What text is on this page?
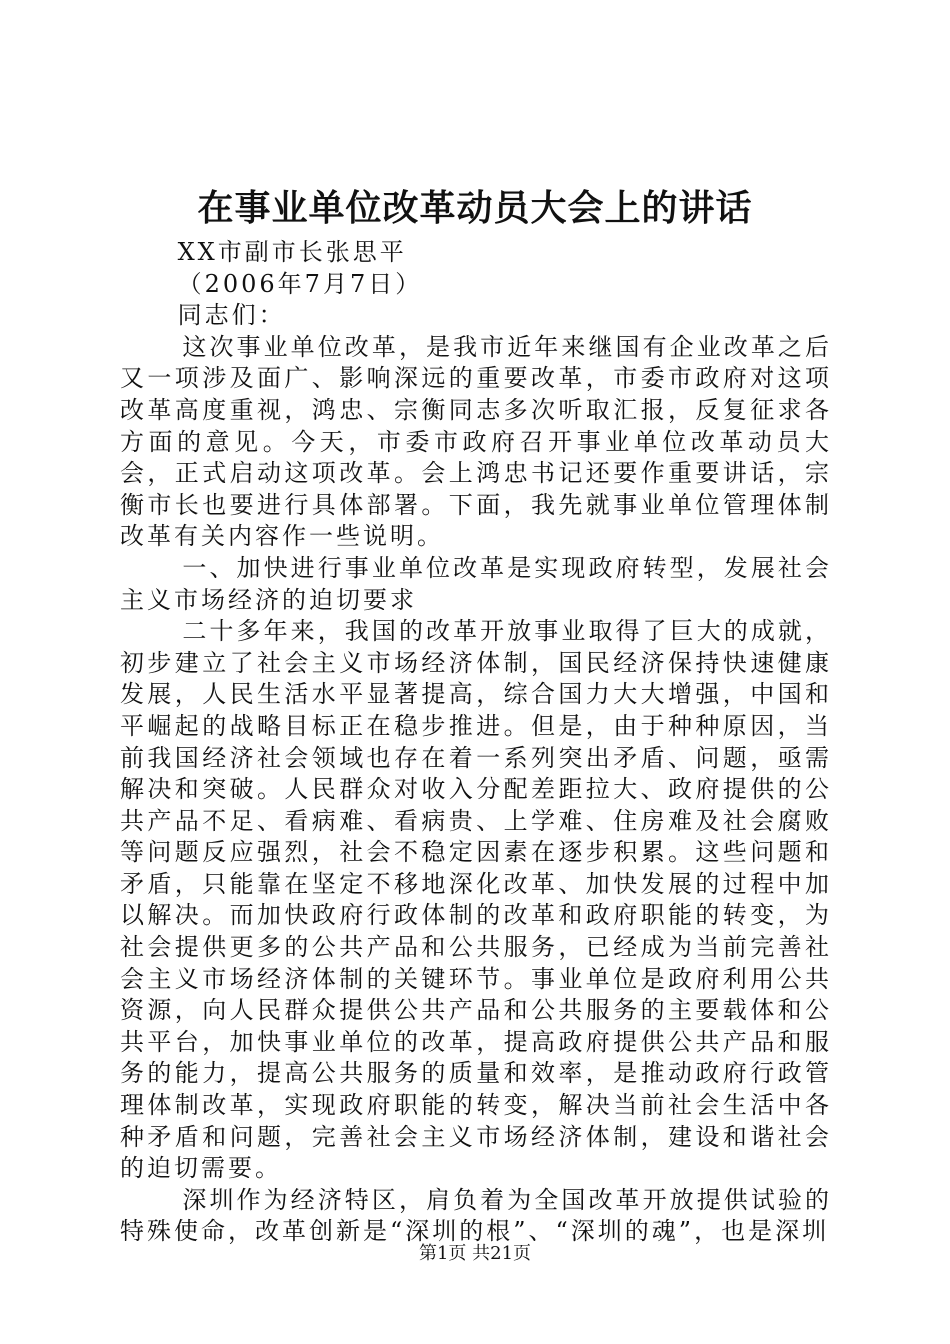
在事业单位改革动员大会上的讲话

XX市副市长张思平

（2006年7月7日）

同志们：

这次事业单位改革，是我市近年来继国有企业改革之后又一项涉及面广、影响深远的重要改革，市委市政府对这项改革高度重视，鸿忠、宗衡同志多次听取汇报，反复征求各方面的意见。今天，市委市政府召开事业单位改革动员大会，正式启动这项改革。会上鸿忠书记还要作重要讲话，宗衡市长也要进行具体部署。下面，我先就事业单位管理体制改革有关内容作一些说明。

一、加快进行事业单位改革是实现政府转型，发展社会主义市场经济的迫切要求

二十多年来，我国的改革开放事业取得了巨大的成就，初步建立了社会主义市场经济体制，国民经济保持快速健康发展，人民生活水平显著提高，综合国力大大增强，中国和平崛起的战略目标正在稳步推进。但是，由于种种原因，当前我国经济社会领域也存在着一系列突出矛盾、问题，亟需解决和突破。人民群众对收入分配差距拉大、政府提供的公共产品不足、看病难、看病贵、上学难、住房难及社会腐败等问题反应强烈，社会不稳定因素在逐步积累。这些问题和矛盾，只能靠在坚定不移地深化改革、加快发展的过程中加以解决。而加快政府行政体制的改革和政府职能的转变，为社会提供更多的公共产品和公共服务，已经成为当前完善社会主义市场经济体制的关键环节。事业单位是政府利用公共资源，向人民群众提供公共产品和公共服务的主要载体和公共平台，加快事业单位的改革，提高政府提供公共产品和服务的能力，提高公共服务的质量和效率，是推动政府行政管理体制改革，实现政府职能的转变，解决当前社会生活中各种矛盾和问题，完善社会主义市场经济体制，建设和谐社会的迫切需要。

深圳作为经济特区，肩负着为全国改革开放提供试验的特殊使命，改革创新是“深圳的根”、“深圳的魂”，也是深圳

第1页 共21页
